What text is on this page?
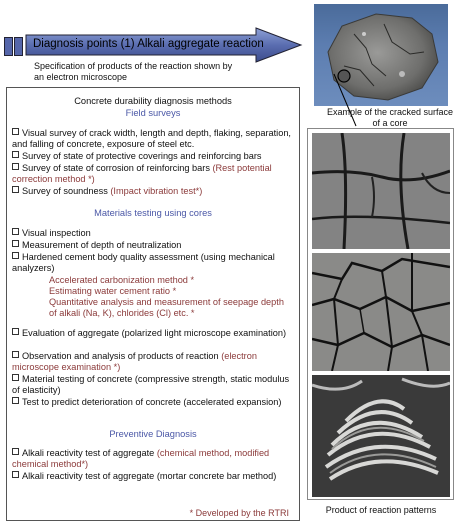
Diagnosis points (1) Alkali aggregate reaction
Specification of products of the reaction shown by an electron microscope
Concrete durability diagnosis methods
Field surveys
Visual survey of crack width, length and depth, flaking, separation, and falling of concrete, exposure of steel etc.
Survey of state of protective coverings and reinforcing bars
Survey of state of corrosion of reinforcing bars (Rest potential correction method *)
Survey of soundness (Impact vibration test*)
Materials testing using cores
Visual inspection
Measurement of depth of neutralization
Hardened cement body quality assessment (using mechanical analyzers)
Accelerated carbonization method *
Estimating water cement ratio *
Quantitative analysis and measurement of seepage depth of alkali (Na, K), chlorides (Cl) etc. *
Evaluation of aggregate (polarized light microscope examination)
Observation and analysis of products of reaction (electron microscope examination *)
Material testing of concrete (compressive strength, static modulus of elasticity)
Test to predict deterioration of concrete (accelerated expansion)
Preventive Diagnosis
Alkali reactivity test of aggregate (chemical method, modified chemical method*)
Alkali reactivity test of aggregate (mortar concrete bar method)
* Developed by the RTRI
Example of the cracked surface of a core
Product of reaction patterns
